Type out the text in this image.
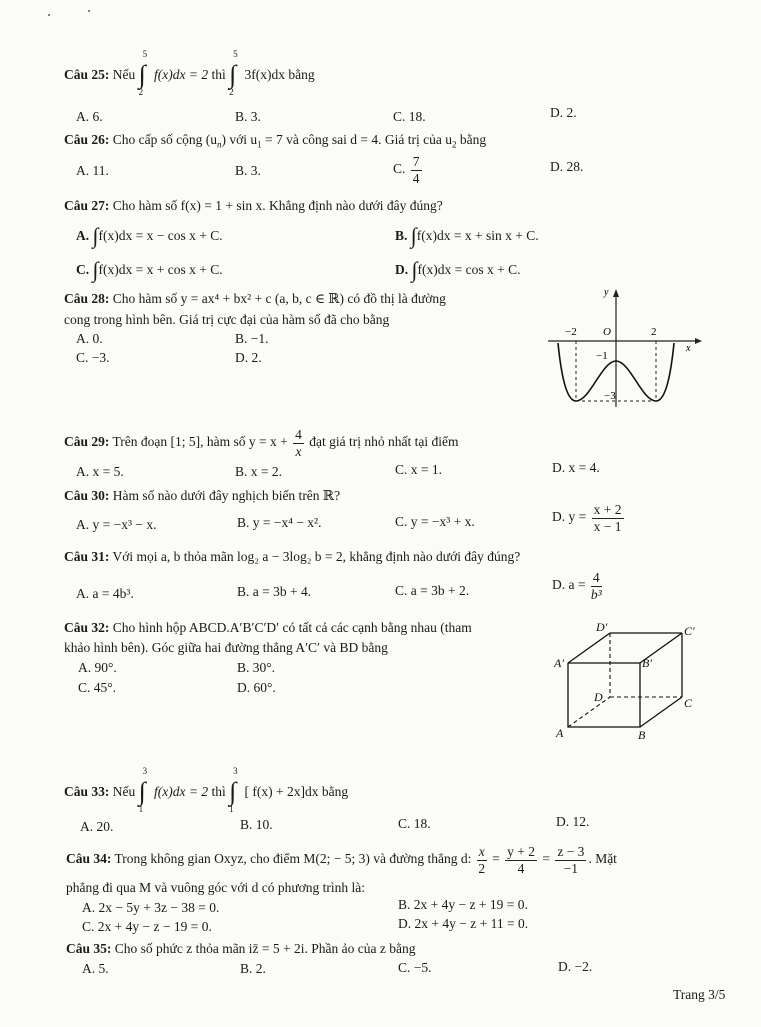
Câu 25: Nếu
5
∫
2
f(x)dx = 2 thì
5
∫
2
3f(x)dx bằng
A. 6.	B. 3.	C. 18.	D. 2.
Câu 26: Cho cấp số cộng $(u_n)$ với $u_1 = 7$ và công sai d = 4. Giá trị của $u_2$ bằng
A. 11.	B. 3.	C. $\frac{7}{4}$	D. 28.
Câu 27: Cho hàm số f(x) = 1 + sin x. Khẳng định nào dưới đây đúng?
A. ∫f(x)dx = x − cos x + C.	B. ∫f(x)dx = x + sin x + C.
C. ∫f(x)dx = x + cos x + C.	D. ∫f(x)dx = cos x + C.
Câu 28: Cho hàm số y = ax⁴ + bx² + c (a, b, c ∈ ℝ) có đồ thị là đường
cong trong hình bên. Giá trị cực đại của hàm số đã cho bằng
A. 0.	B. −1.
C. −3.	D. 2.
y
x
O
−2	2
−1
−3
Câu 29: Trên đoạn [1; 5], hàm số $y = x + \frac{4}{x}$ đạt giá trị nhỏ nhất tại điểm
A. x = 5.	B. x = 2.	C. x = 1.	D. x = 4.
Câu 30: Hàm số nào dưới đây nghịch biến trên ℝ?
A. y = −x³ − x.	B. y = −x⁴ − x².	C. y = −x³ + x.	D. $y = \frac{x + 2}{x - 1}$
Câu 31: Với mọi a, b thỏa mãn log₂ a − 3log₂ b = 2, khẳng định nào dưới đây đúng?
A. a = 4b³.	B. a = 3b + 4.	C. a = 3b + 2.	D. $a = \frac{4}{\text{b³}}$
Câu 32: Cho hình hộp ABCD.A′B′C′D′ có tất cả các cạnh bằng nhau (tham
khảo hình bên). Góc giữa hai đường thẳng A′C′ và BD bằng
A. 90°.	B. 30°.
C. 45°.	D. 60°.
D′	C′
A′	B′
D	C
A	B
Câu 33: Nếu
3
∫
1
f(x)dx = 2 thì
3
∫
1
[ f(x) + 2x]dx bằng
A. 20.	B. 10.	C. 18.	D. 12.
Câu 34: Trong không gian Oxyz, cho điểm M(2; − 5; 3) và đường thẳng d: $\frac{x}{2} = \frac{y + 2}{4} = \frac{z - 3}{-1}$ . Mặt
phẳng đi qua M và vuông góc với d có phương trình là:
A. 2x − 5y + 3z − 38 = 0.	B. 2x + 4y − z + 19 = 0.
C. 2x + 4y − z − 19 = 0.	D. 2x + 4y − z + 11 = 0.
Câu 35: Cho số phức z thỏa mãn iz̄ = 5 + 2i. Phần ảo của z bằng
A. 5.	B. 2.	C. −5.	D. −2.
Trang 3/5
